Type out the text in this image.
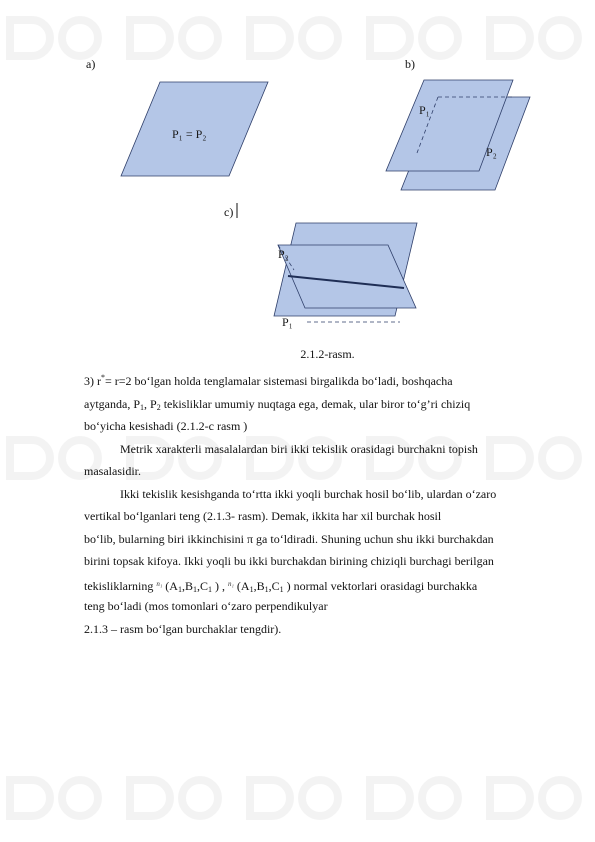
a)	b)
c)
P₁ = P₂
P₁
P₂
P₂
P₁
2.1.2-rasm.
3) r*= r=2 bo‘lgan holda tenglamalar sistemasi birgalikda bo‘ladi, boshqacha
aytganda, $P_1$, $P_2$ tekisliklar umumiy nuqtaga ega, demak, ular biror to‘g’ri chiziq
bo‘yicha kesishadi (2.1.2-c rasm )
Metrik xarakterli masalalardan biri ikki tekislik orasidagi burchakni topish
masalasidir.
Ikki tekislik kesishganda to‘rtta ikki yoqli burchak hosil bo‘lib, ulardan o‘zaro
vertikal bo‘lganlari teng (2.1.3- rasm). Demak, ikkita har xil burchak hosil
bo‘lib, bularning biri ikkinchisini π ga to‘ldiradi. Shuning uchun shu ikki burchakdan
birini topsak kifoya. Ikki yoqli bu ikki burchakdan birining chiziqli burchagi berilgan
tekisliklarning $^{n_1}$ ($A_1,B_1,C_1$ ) , $^{n_1}$ ($A_1,B_1,C_1$ ) normal vektorlari orasidagi burchakka
teng bo‘ladi (mos tomonlari o‘zaro perpendikulyar
2.1.3 – rasm bo‘lgan burchaklar tengdir).
